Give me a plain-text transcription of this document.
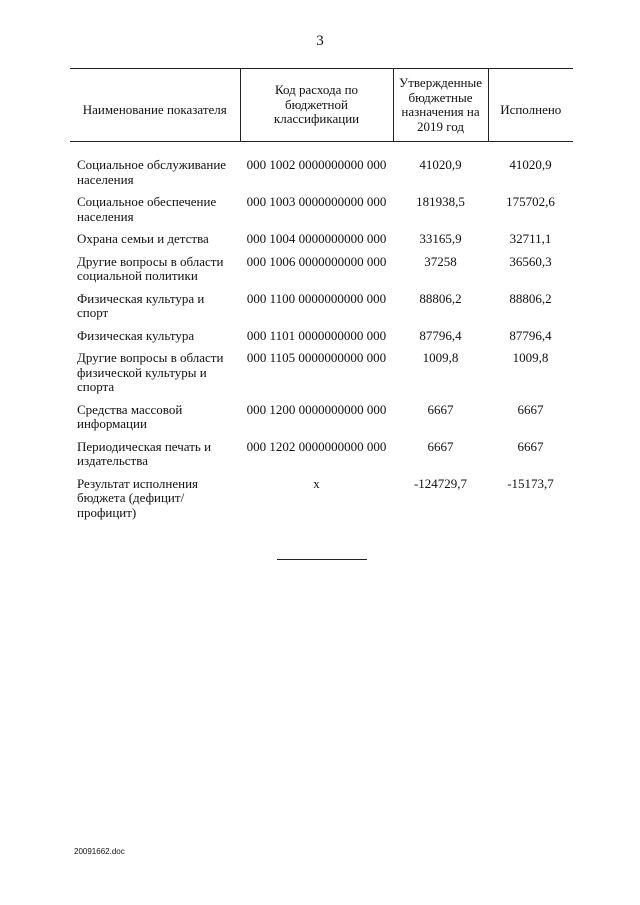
3
Наименование показателя	Код расхода по бюджетной классификации	Утвержденные бюджетные назначения на 2019 год	Исполнено
Социальное обслуживание населения	000 1002 0000000000 000	41020,9	41020,9
Социальное обеспечение населения	000 1003 0000000000 000	181938,5	175702,6
Охрана семьи и детства	000 1004 0000000000 000	33165,9	32711,1
Другие вопросы в области социальной политики	000 1006 0000000000 000	37258	36560,3
Физическая культура и спорт	000 1100 0000000000 000	88806,2	88806,2
Физическая культура	000 1101 0000000000 000	87796,4	87796,4
Другие вопросы в области физической культуры и спорта	000 1105 0000000000 000	1009,8	1009,8
Средства массовой информации	000 1200 0000000000 000	6667	6667
Периодическая печать и издательства	000 1202 0000000000 000	6667	6667
Результат исполнения бюджета (дефицит/профицит)	x	-124729,7	-15173,7
20091662.doc
